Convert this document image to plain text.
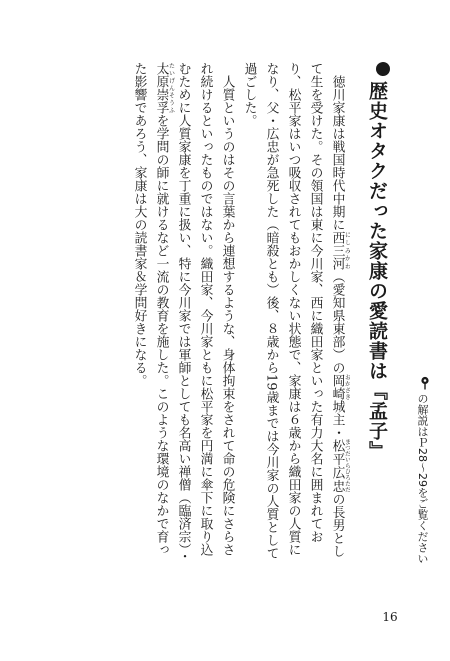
歴史オタクだった家康の愛読書は『孟子』

徳川家康は戦国時代中期に西三河 にしみかわ（愛知県東部）の岡崎 おかざき城主・松平広忠 まつだいらひろただの長男として生を受けた。その領国は東に今川家、西に織田家といった有力大名に囲まれており、松平家はいつ吸収されてもおかしくない状態で、家康は６歳から織田家の人質になり、父・広忠が急死した（暗殺とも）後、８歳から19歳までは今川家の人質として過ごした。

人質というのはその言葉から連想するような、身体拘束をされて命の危険にさらされ続けるといったものではない。織田家、今川家ともに松平家を円満に傘下に取り込むために人質家康を丁重に扱い、特に今川家では軍師としても名高い禅僧（臨済宗）・太原崇孚 たいげんそうふを学問の師に就けるなど一流の教育を施した。このような環境のなかで育った影響であろう、家康は大の読書家＆学問好きになる。

の解説はＰ28〜29をご覧ください
16
